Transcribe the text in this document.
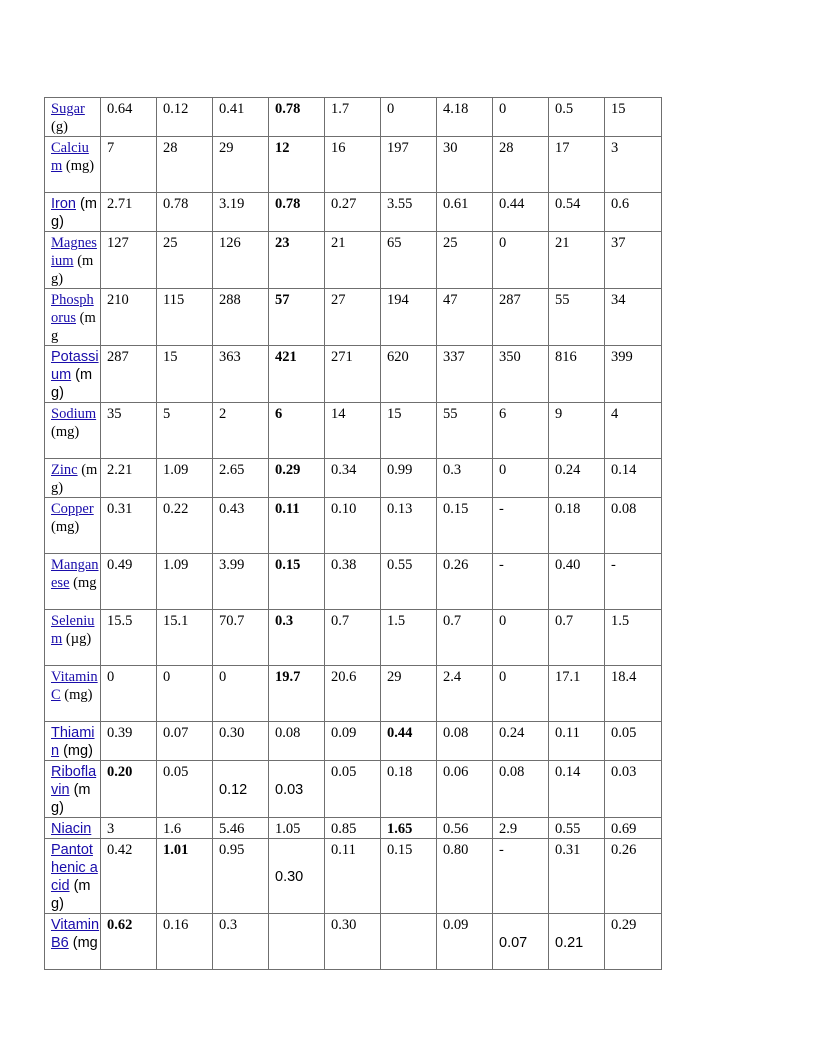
Sugar (g)	0.64	0.12	0.41	0.78	1.7	0	4.18	0	0.5	15
Calcium (mg)	7	28	29	12	16	197	30	28	17	3
Iron (mg)	2.71	0.78	3.19	0.78	0.27	3.55	0.61	0.44	0.54	0.6
Magnesium (mg)	127	25	126	23	21	65	25	0	21	37
Phosphorus (mg	210	115	288	57	27	194	47	287	55	34
Potassium (mg)	287	15	363	421	271	620	337	350	816	399
Sodium (mg)	35	5	2	6	14	15	55	6	9	4
Zinc (mg)	2.21	1.09	2.65	0.29	0.34	0.99	0.3	0	0.24	0.14
Copper (mg)	0.31	0.22	0.43	0.11	0.10	0.13	0.15	-	0.18	0.08
Manganese (mg	0.49	1.09	3.99	0.15	0.38	0.55	0.26	-	0.40	-
Selenium (µg)	15.5	15.1	70.7	0.3	0.7	1.5	0.7	0	0.7	1.5
Vitamin C (mg)	0	0	0	19.7	20.6	29	2.4	0	17.1	18.4
Thiamin (mg)	0.39	0.07	0.30	0.08	0.09	0.44	0.08	0.24	0.11	0.05
Riboflavin (mg)	0.20	0.05	0.12	0.03	0.05	0.18	0.06	0.08	0.14	0.03
Niacin	3	1.6	5.46	1.05	0.85	1.65	0.56	2.9	0.55	0.69
Pantothenic acid (mg)	0.42	1.01	0.95	0.30	0.11	0.15	0.80	-	0.31	0.26
Vitamin B6 (mg	0.62	0.16	0.3		0.30		0.09	0.07	0.21	0.29
